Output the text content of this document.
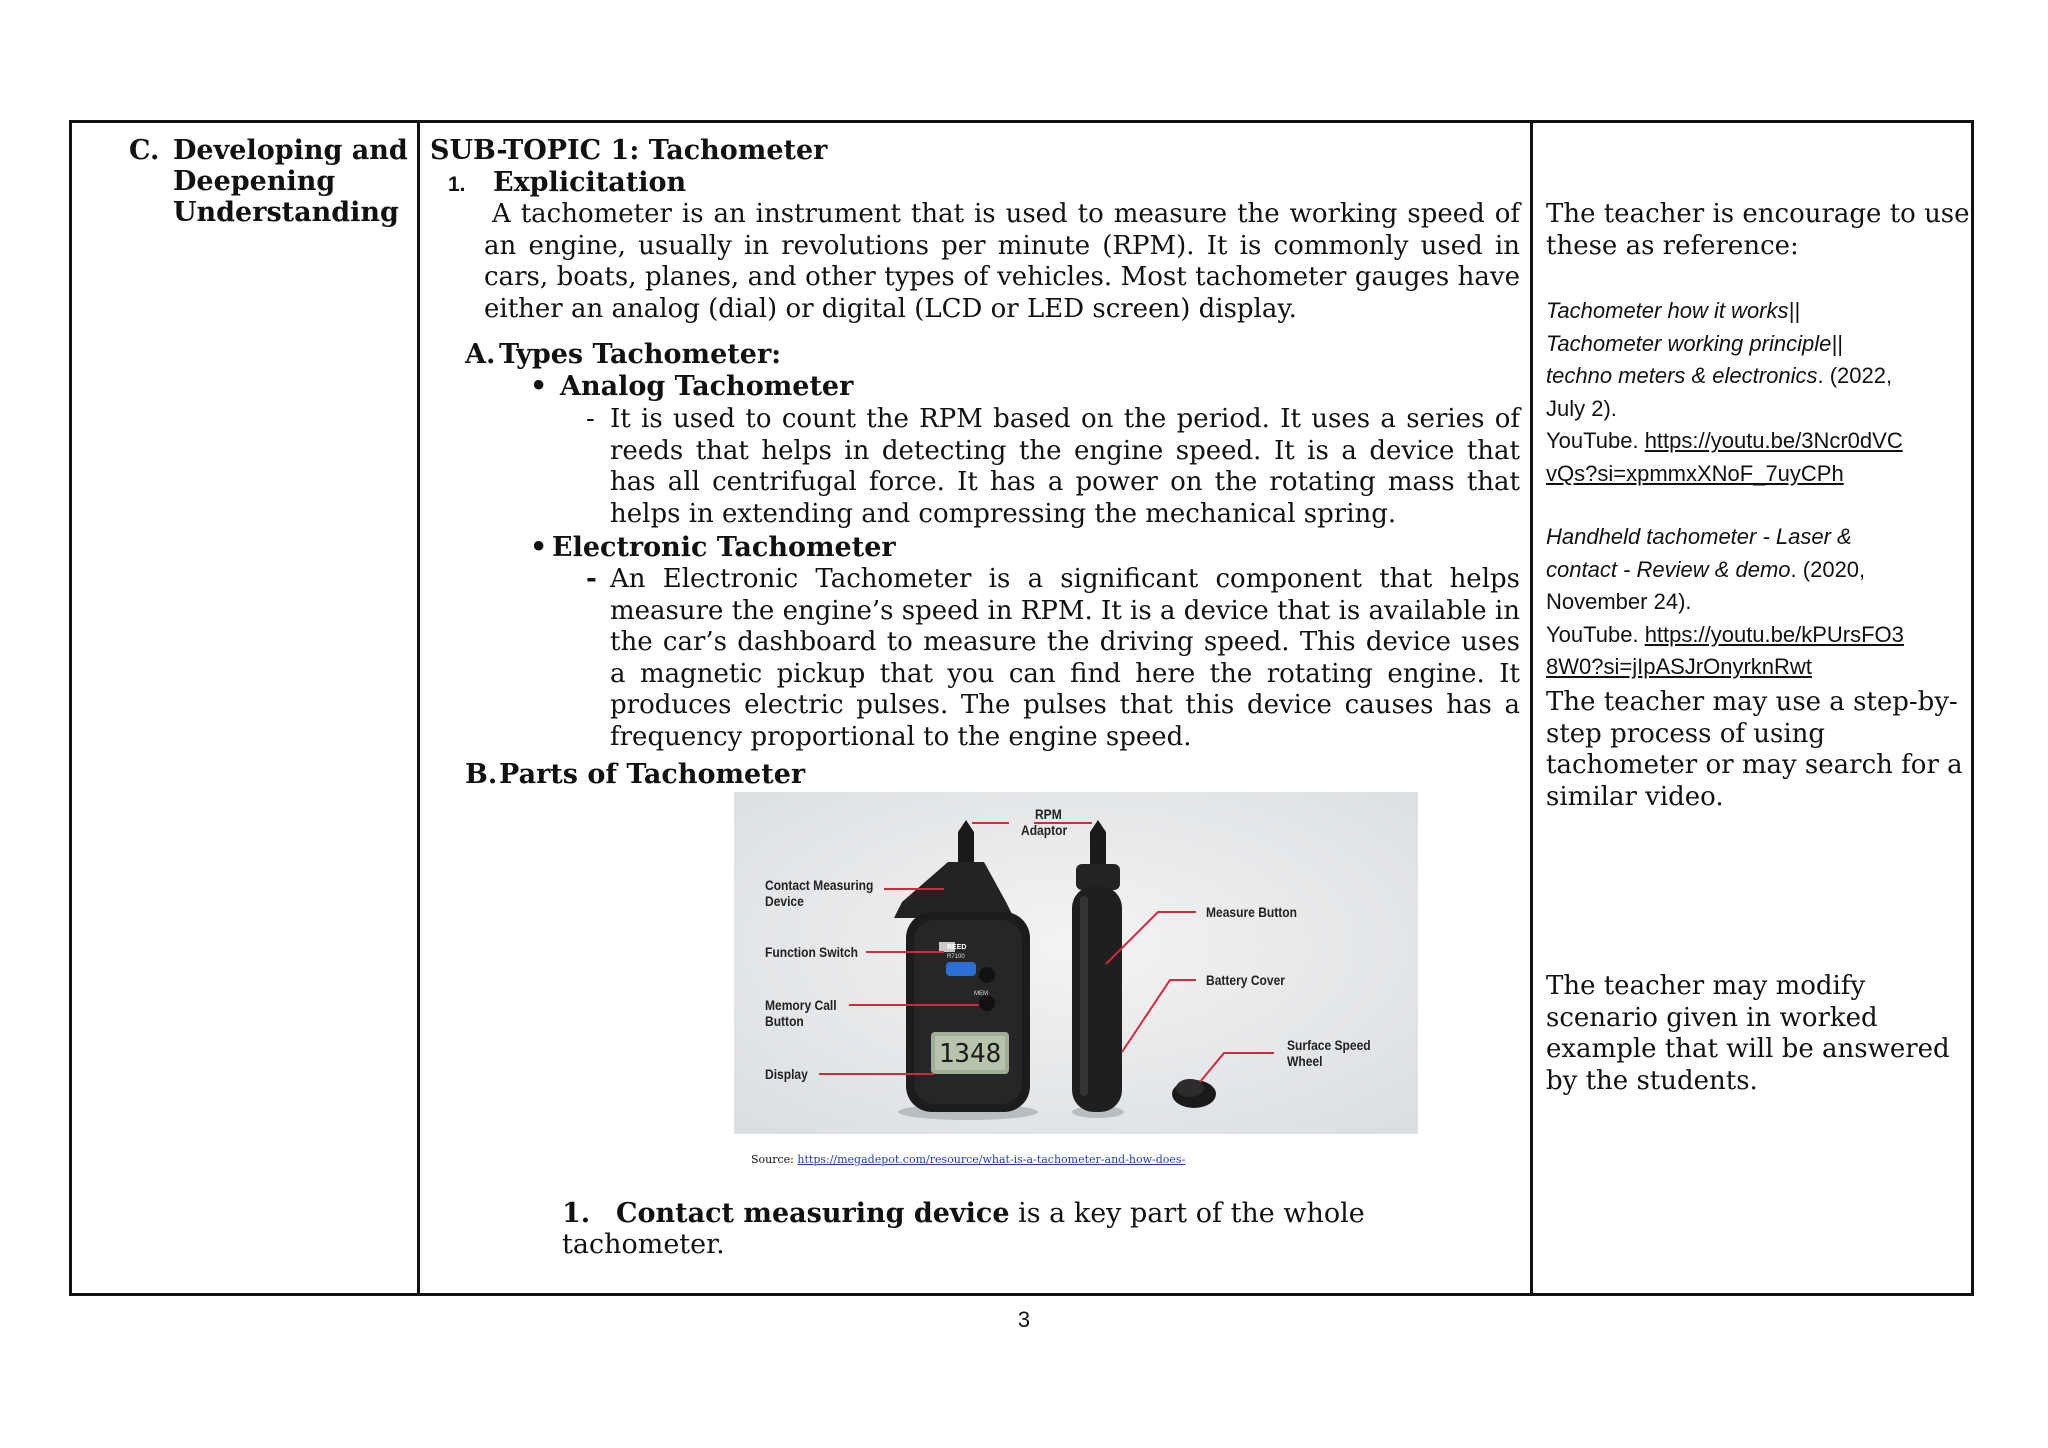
C. Developing and
Deepening
Understanding
SUB-TOPIC 1: Tachometer
1. Explicitation
A tachometer is an instrument that is used to measure the working speed of an engine, usually in revolutions per minute (RPM). It is commonly used in cars, boats, planes, and other types of vehicles. Most tachometer gauges have either an analog (dial) or digital (LCD or LED screen) display.
A. Types Tachometer:
• Analog Tachometer
- It is used to count the RPM based on the period. It uses a series of reeds that helps in detecting the engine speed. It is a device that has all centrifugal force. It has a power on the rotating mass that helps in extending and compressing the mechanical spring.
• Electronic Tachometer
- An Electronic Tachometer is a significant component that helps measure the engine’s speed in RPM. It is a device that is available in the car’s dashboard to measure the driving speed. This device uses a magnetic pickup that you can find here the rotating engine. It produces electric pulses. The pulses that this device causes has a frequency proportional to the engine speed.
B.Parts of Tachometer
1348
REED
R7100
MEM
RPM
Adaptor
Contact Measuring
Device
Function Switch
Memory Call
Button
Display
Measure Button
Battery Cover
Surface Speed
Wheel
Source: https://megadepot.com/resource/what-is-a-tachometer-and-how-does-
1. Contact measuring device is a key part of the whole tachometer.
The teacher is encourage to use these as reference:
Tachometer how it works||
Tachometer working principle||
techno meters & electronics. (2022,
July 2).
YouTube. https://youtu.be/3Ncr0dVC
vQs?si=xpmmxXNoF_7uyCPh
Handheld tachometer - Laser &
contact - Review & demo. (2020,
November 24).
YouTube. https://youtu.be/kPUrsFO3
8W0?si=jIpASJrOnyrknRwt
The teacher may use a step-by-step process of using tachometer or may search for a similar video.
The teacher may modify scenario given in worked example that will be answered by the students.
3
